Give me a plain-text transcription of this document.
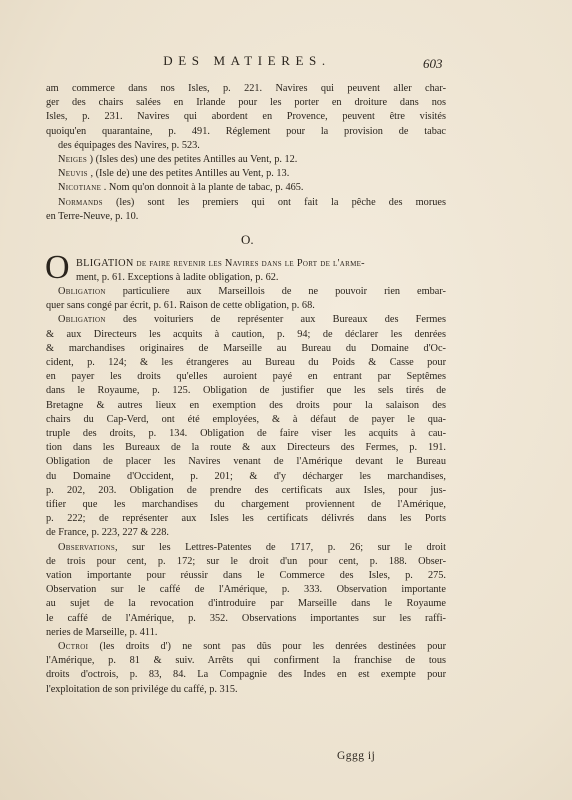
DES MATIERES.	603
am commerce dans nos Isles, p. 221. Navires qui peuvent aller char-
ger des chairs salées en Irlande pour les porter en droiture dans nos
Isles, p. 231. Navires qui abordent en Provence, peuvent être visités
quoiqu'en quarantaine, p. 491. Réglement pour la provision de tabac
des équipages des Navires, p. 523.
Neiges ) (Isles des) une des petites Antilles au Vent, p. 12.
Neuvis , (Isle de) une des petites Antilles au Vent, p. 13.
Nicotiane . Nom qu'on donnoit à la plante de tabac, p. 465.
Normands (les) sont les premiers qui ont fait la pêche des morues
en Terre-Neuve, p. 10.
O.
O BLIGATION de faire revenir les Navires dans le Port de l'arme-
ment, p. 61. Exceptions à ladite obligation, p. 62.
Obligation particuliere aux Marseillois de ne pouvoir rien embar-
quer sans congé par écrit, p. 61. Raison de cette obligation, p. 68.
Obligation des voituriers de représenter aux Bureaux des Fermes
& aux Directeurs les acquits à caution, p. 94; de déclarer les denrées
& marchandises originaires de Marseille au Bureau du Domaine d'Oc-
cident, p. 124; & les étrangeres au Bureau du Poids & Casse pour
en payer les droits qu'elles auroient payé en entrant par Septêmes
dans le Royaume, p. 125. Obligation de justifier que les sels tirés de
Bretagne & autres lieux en exemption des droits pour la salaison des
chairs du Cap-Verd, ont été employées, & à défaut de payer le qua-
truple des droits, p. 134. Obligation de faire viser les acquits à cau-
tion dans les Bureaux de la route & aux Directeurs des Fermes, p. 191.
Obligation de placer les Navires venant de l'Amérique devant le Bureau
du Domaine d'Occident, p. 201; & d'y décharger les marchandises,
p. 202, 203. Obligation de prendre des certificats aux Isles, pour jus-
tifier que les marchandises du chargement proviennent de l'Amérique,
p. 222; de représenter aux Isles les certificats délivrés dans les Ports
de France, p. 223, 227 & 228.
Observations, sur les Lettres-Patentes de 1717, p. 26; sur le droit
de trois pour cent, p. 172; sur le droit d'un pour cent, p. 188. Obser-
vation importante pour réussir dans le Commerce des Isles, p. 275.
Observation sur le caffé de l'Amérique, p. 333. Observation importante
au sujet de la revocation d'introduire par Marseille dans le Royaume
le caffé de l'Amérique, p. 352. Observations importantes sur les raffi-
neries de Marseille, p. 411.
Octroi (les droits d') ne sont pas dûs pour les denrées destinées pour
l'Amérique, p. 81 & suiv. Arrêts qui confirment la franchise de tous
droits d'octrois, p. 83, 84. La Compagnie des Indes en est exempte pour
l'exploitation de son privilége du caffé, p. 315.
Gggg ij
